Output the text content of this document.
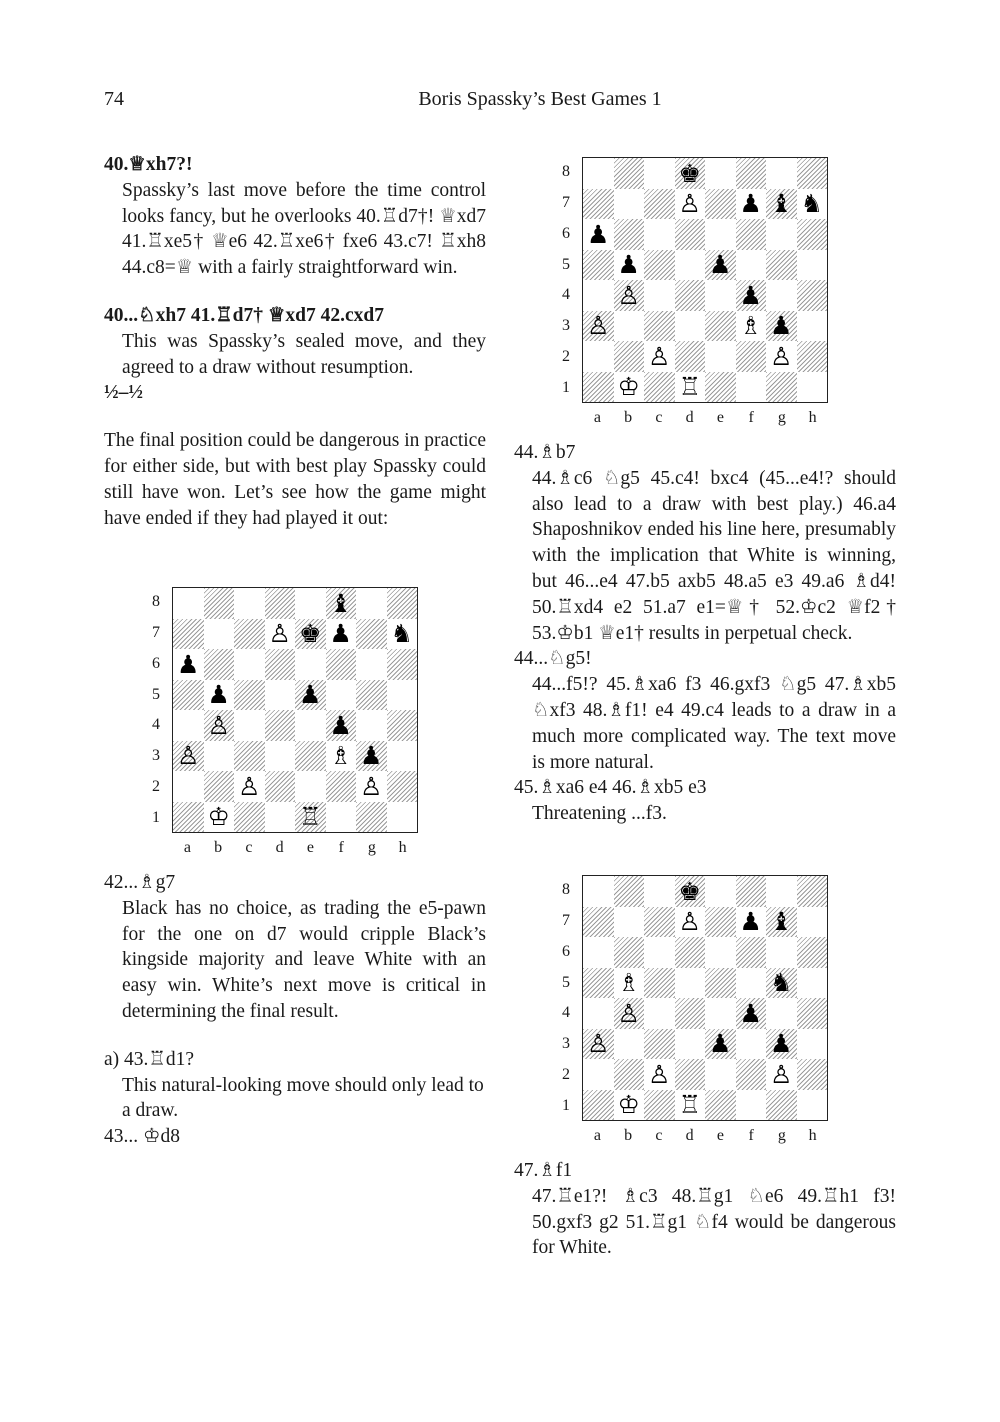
74	Boris Spassky’s Best Games 1

40.♕xh7?!

Spassky’s last move before the time control looks fancy, but he overlooks 40.♖d7†! ♕xd7 41.♖xe5† ♕e6 42.♖xe6† fxe6 43.c7! ♖xh8 44.c8=♕ with a fairly straightforward win.

40...♘xh7 41.♖d7† ♕xd7 42.cxd7

This was Spassky’s sealed move, and they agreed to a draw without resumption.

½–½

The final position could be dangerous in practice for either side, but with best play Spassky could still have won. Let’s see how the game might have ended if they had played it out:

42...♗g7

Black has no choice, as trading the e5-pawn for the one on d7 would cripple Black’s kingside majority and leave White with an easy win. White’s next move is critical in determining the final result.

a) 43.♖d1?

This natural-looking move should only lead to a draw.

43... ♔d8

44.♗b7

44.♗c6 ♘g5 45.c4! bxc4 (45...e4!? should also lead to a draw with best play.) 46.a4 Shaposhnikov ended his line here, presumably with the implication that White is winning, but 46...e4 47.b5 axb5 48.a5 e3 49.a6 ♗d4! 50.♖xd4 e2 51.a7 e1=♕† 52.♔c2 ♕f2† 53.♔b1 ♕e1† results in perpetual check.

44...♘g5!

44...f5!? 45.♗xa6 f3 46.gxf3 ♘g5 47.♗xb5 ♘xf3 48.♗f1! e4 49.c4 leads to a draw in a much more complicated way. The text move is more natural.

45.♗xa6 e4 46.♗xb5 e3

Threatening ...f3.

47.♗f1

47.♖e1?! ♗c3 48.♖g1 ♘e6 49.♖h1 f3! 50.gxf3 g2 51.♖g1 ♘f4 would be dangerous for White.

8
7
6
5
4
3
2
1
♝
♙ ♚ ♟ ♞
♟
♟	♟
♙	♟
♙	♗ ♟
♙	♙
♔	♖
a	b	c	d	e	f	g	h
8
7
6
5
4
3
2
1
♚
♙ ♟ ♝ ♞
♟
♟	♟
♙	♟
♙	♗ ♟
♙	♙
♔ ♖
a	b	c	d	e	f	g	h
8
7
6
5
4
3
2
1
♚
♙ ♟ ♝
♗	♞
♙	♟
♙	♟ ♟
♙	♙
♔ ♖
a	b	c	d	e	f	g	h
